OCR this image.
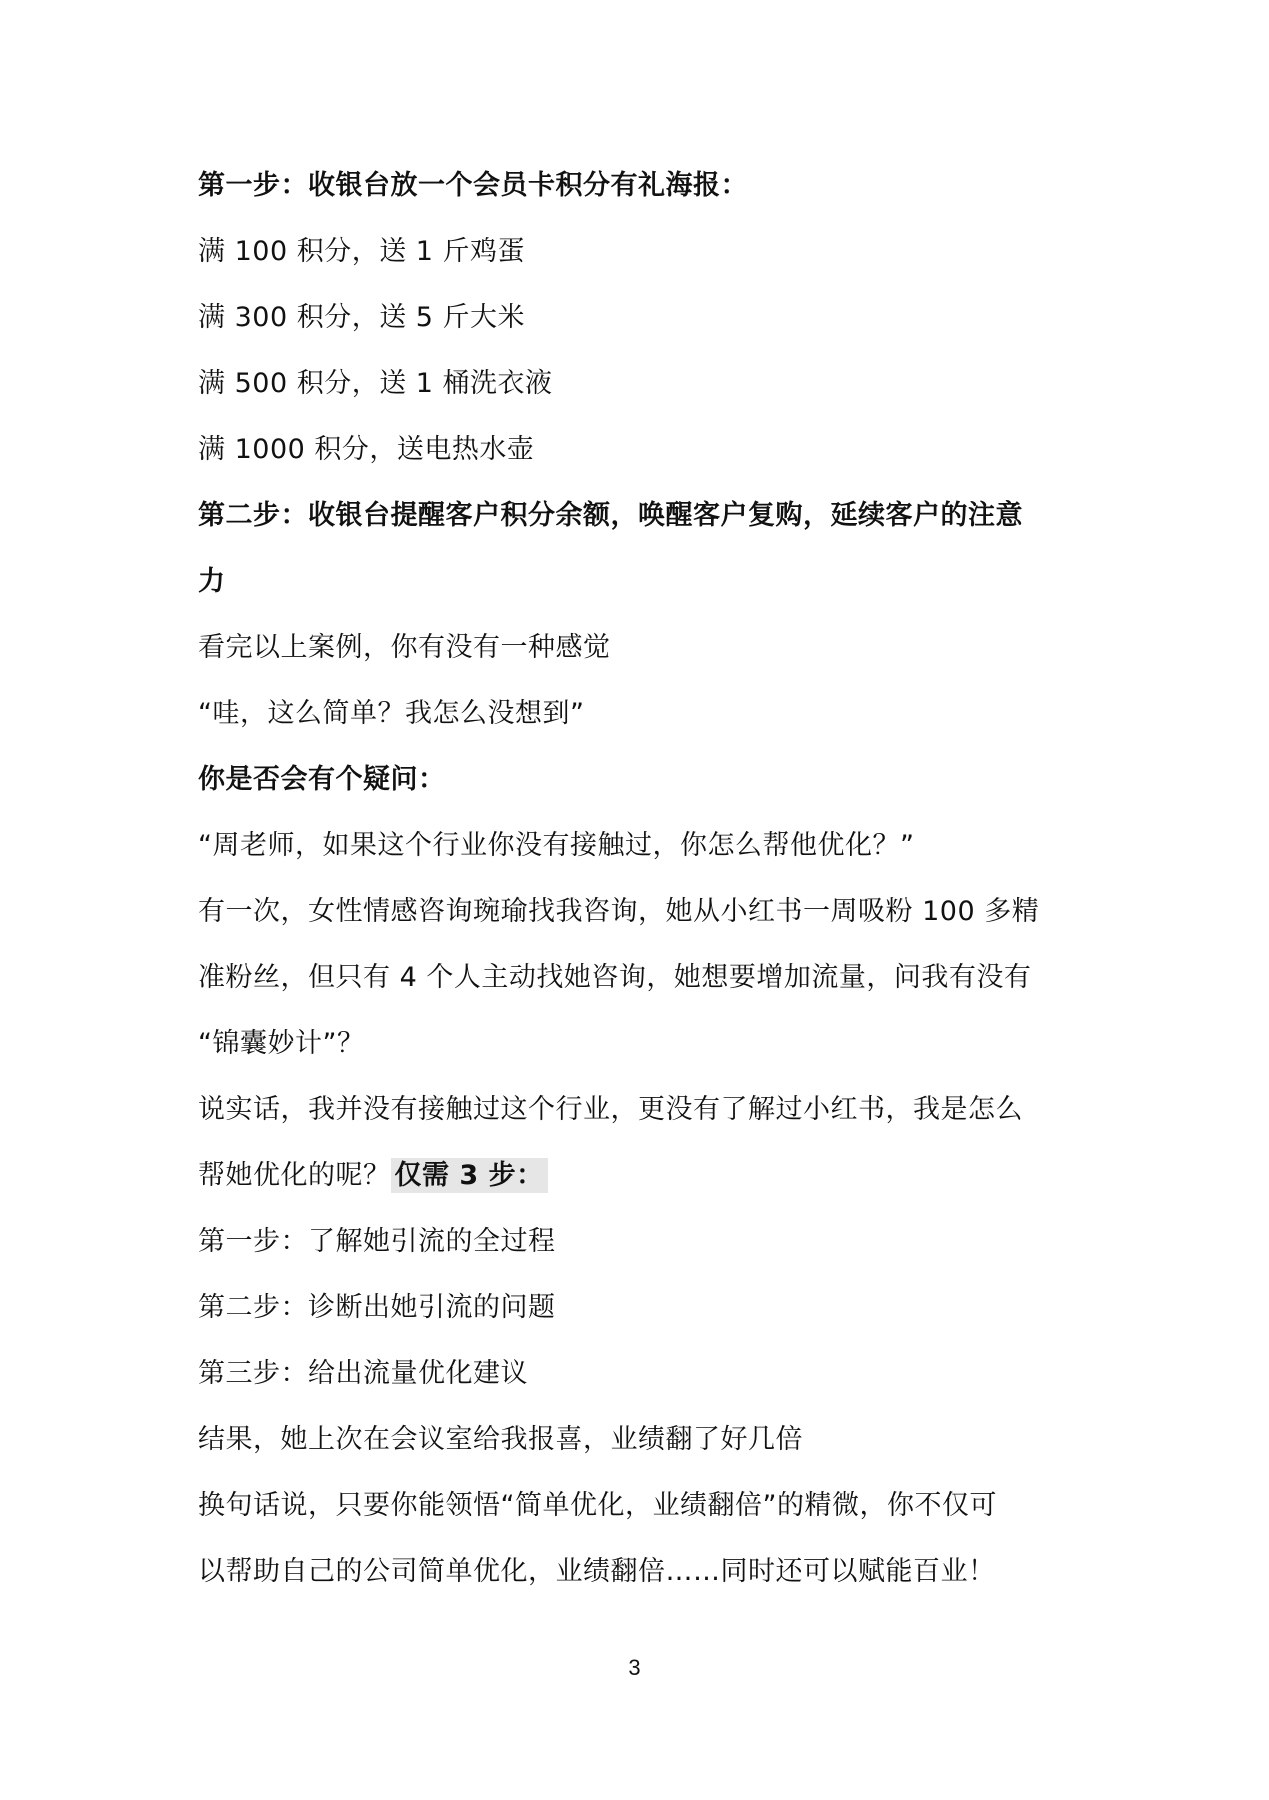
第一步：收银台放一个会员卡积分有礼海报：
满 100 积分，送 1 斤鸡蛋
满 300 积分，送 5 斤大米
满 500 积分，送 1 桶洗衣液
满 1000 积分，送电热水壶
第二步：收银台提醒客户积分余额，唤醒客户复购，延续客户的注意
力
看完以上案例，你有没有一种感觉
“哇，这么简单？我怎么没想到”
你是否会有个疑问：
“周老师，如果这个行业你没有接触过，你怎么帮他优化？”
有一次，女性情感咨询琬瑜找我咨询，她从小红书一周吸粉 100 多精
准粉丝，但只有 4 个人主动找她咨询，她想要增加流量，问我有没有
“锦囊妙计”？
说实话，我并没有接触过这个行业，更没有了解过小红书，我是怎么
帮她优化的呢？ 仅需 3 步：
第一步：了解她引流的全过程
第二步：诊断出她引流的问题
第三步：给出流量优化建议
结果，她上次在会议室给我报喜，业绩翻了好几倍
换句话说，只要你能领悟“简单优化，业绩翻倍”的精微，你不仅可
以帮助自己的公司简单优化，业绩翻倍……同时还可以赋能百业！
3
